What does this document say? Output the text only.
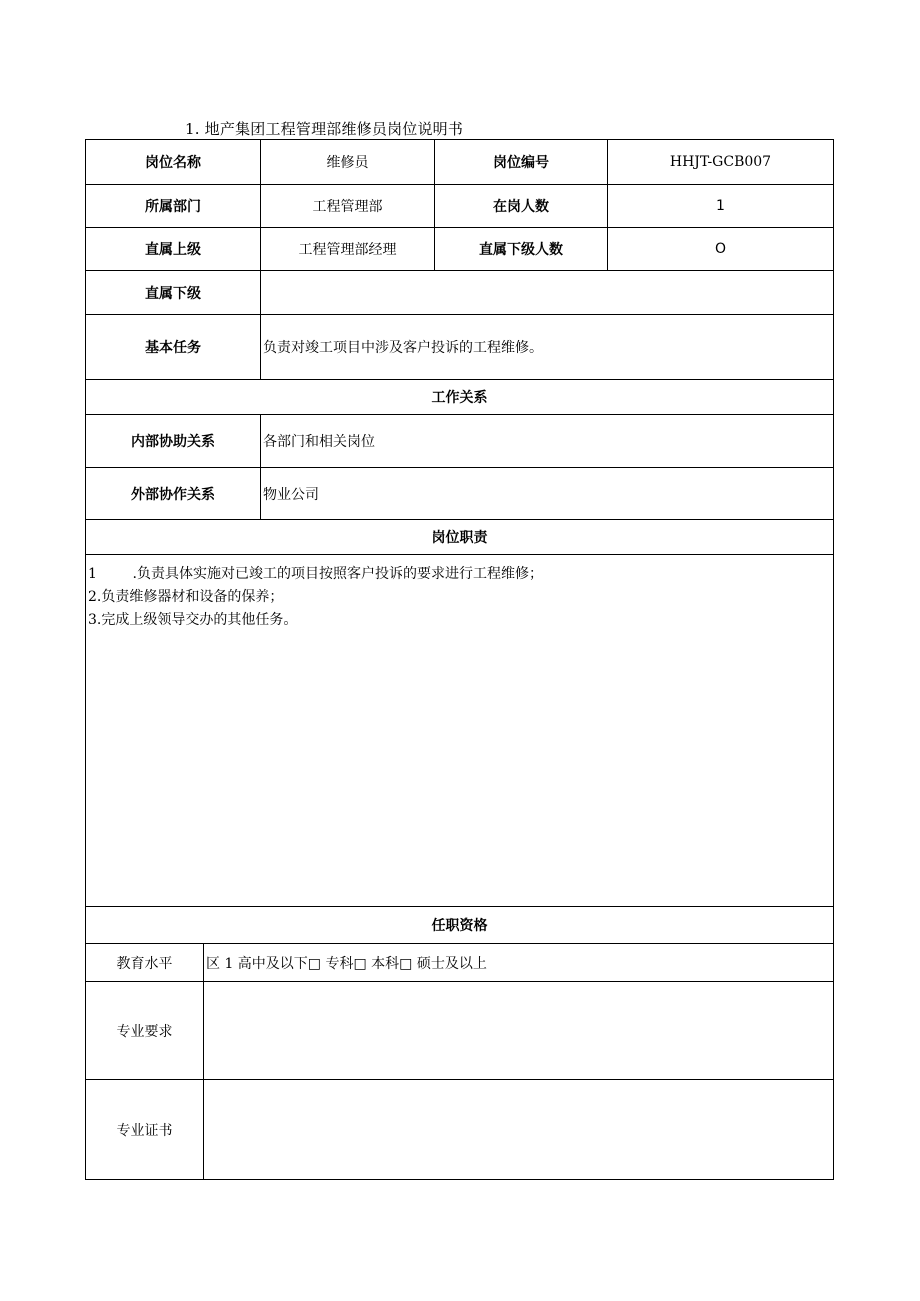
1. 地产集团工程管理部维修员岗位说明书
岗位名称	维修员	岗位编号	HHJT-GCB007
所属部门	工程管理部	在岗人数	1
直属上级	工程管理部经理	直属下级人数	O
直属下级			
基本任务	负责对竣工项目中涉及客户投诉的工程维修。		
工作关系			
内部协助关系	各部门和相关岗位		
外部协作关系	物业公司		
岗位职责			

1        .负责具体实施对已竣工的项目按照客户投诉的要求进行工程维修；
2.负责维修器材和设备的保养；
3.完成上级领导交办的其他任务。			
任职资格	
教育水平	区 1 高中及以下□ 专科□ 本科□ 硕士及以上
专业要求	
专业证书	
